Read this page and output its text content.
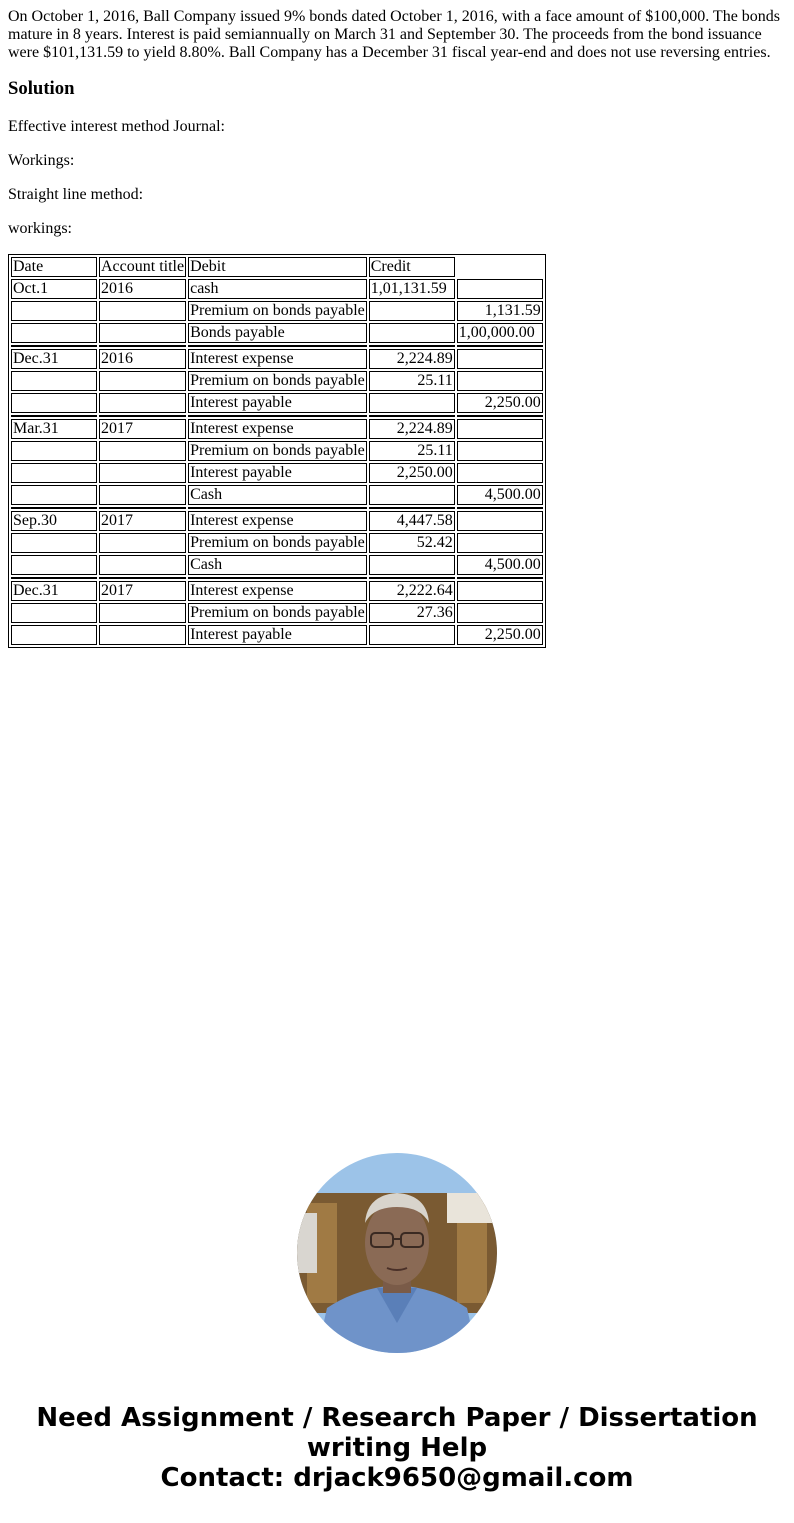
On October 1, 2016, Ball Company issued 9% bonds dated October 1, 2016, with a face amount of $100,000. The bonds mature in 8 years. Interest is paid semiannually on March 31 and September 30. The proceeds from the bond issuance were $101,131.59 to yield 8.80%. Ball Company has a December 31 fiscal year-end and does not use reversing entries.
Solution

Effective interest method Journal:

Workings:

Straight line method:

workings:

Date	Account title	Debit	Credit	
Oct.1	2016	cash	1,01,131.59	
		Premium on bonds payable		1,131.59
		Bonds payable		1,00,000.00

Dec.31	2016	Interest expense	2,224.89	
		Premium on bonds payable	25.11	
		Interest payable		2,250.00

Mar.31	2017	Interest expense	2,224.89	
		Premium on bonds payable	25.11	
		Interest payable	2,250.00	
		Cash		4,500.00

Sep.30	2017	Interest expense	4,447.58	
		Premium on bonds payable	52.42	
		Cash		4,500.00

Dec.31	2017	Interest expense	2,222.64	
		Premium on bonds payable	27.36	
		Interest payable		2,250.00
Need Assignment / Research Paper / Dissertation
writing Help
Contact: drjack9650@gmail.com
